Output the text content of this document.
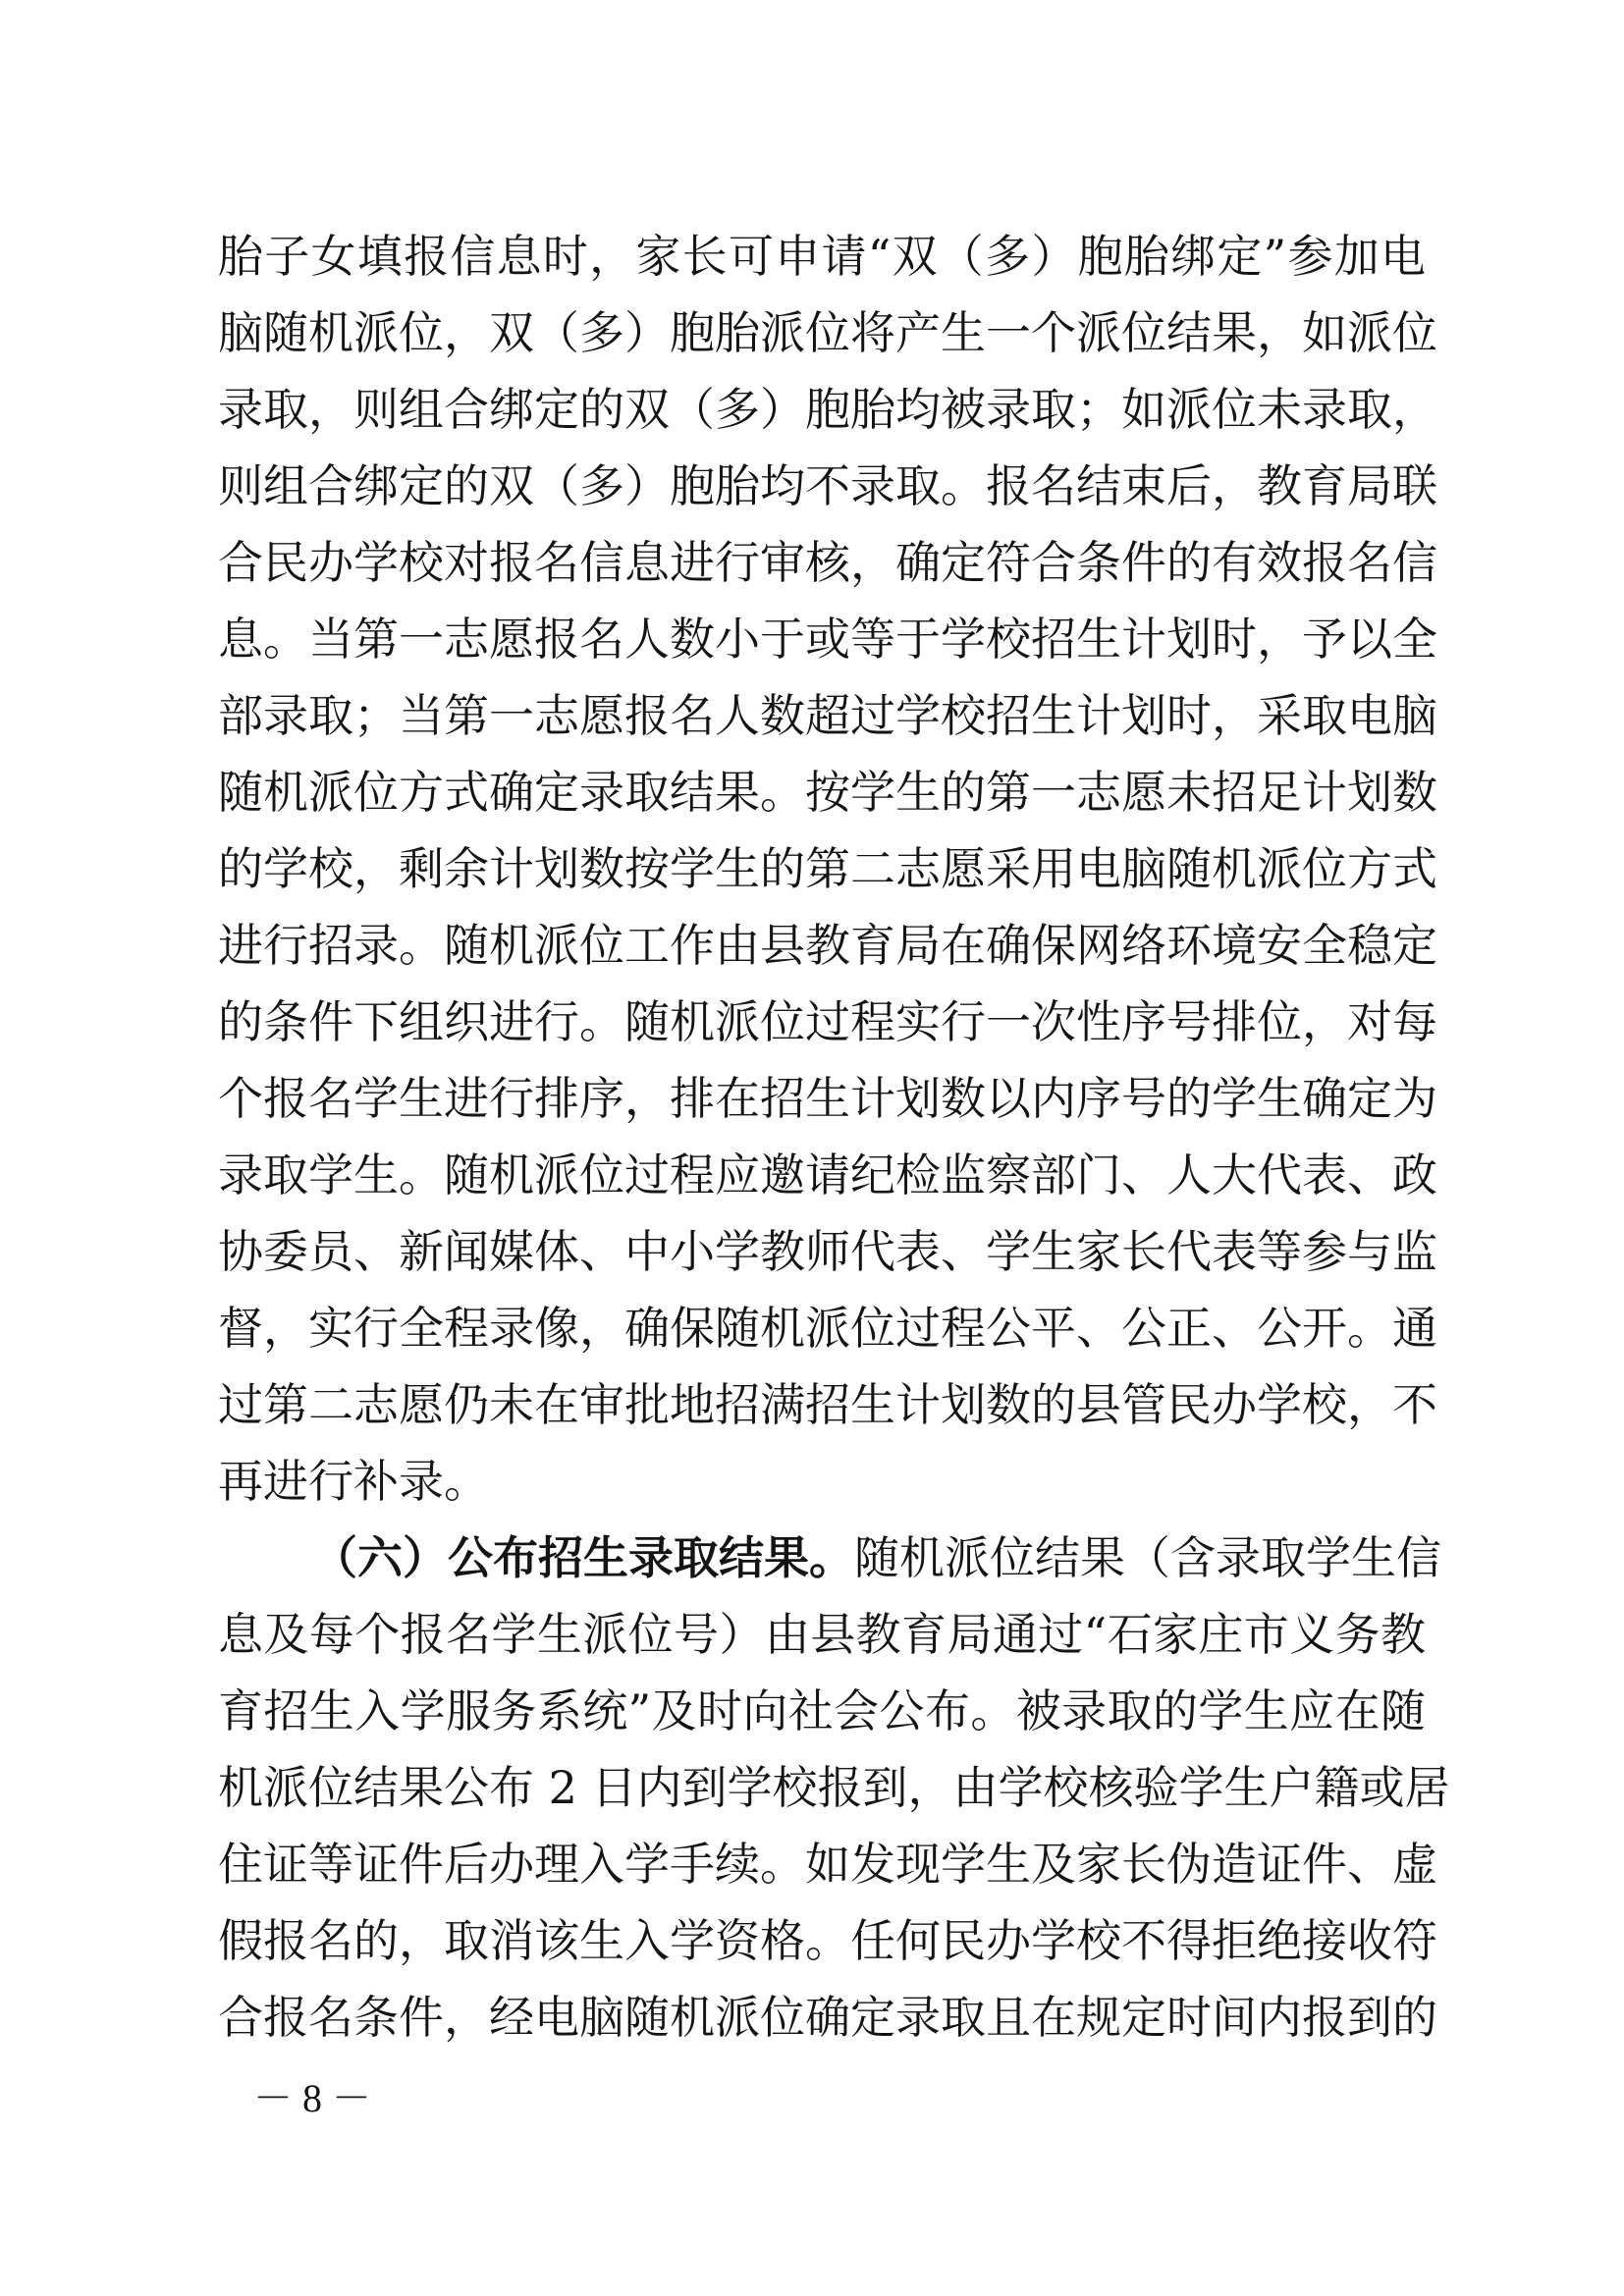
胎子女填报信息时，家长可申请“双（多）胞胎绑定”参加电
脑随机派位，双（多）胞胎派位将产生一个派位结果，如派位
录取，则组合绑定的双（多）胞胎均被录取；如派位未录取，
则组合绑定的双（多）胞胎均不录取。报名结束后，教育局联
合民办学校对报名信息进行审核，确定符合条件的有效报名信
息。当第一志愿报名人数小于或等于学校招生计划时，予以全
部录取；当第一志愿报名人数超过学校招生计划时，采取电脑
随机派位方式确定录取结果。按学生的第一志愿未招足计划数
的学校，剩余计划数按学生的第二志愿采用电脑随机派位方式
进行招录。随机派位工作由县教育局在确保网络环境安全稳定
的条件下组织进行。随机派位过程实行一次性序号排位，对每
个报名学生进行排序，排在招生计划数以内序号的学生确定为
录取学生。随机派位过程应邀请纪检监察部门、人大代表、政
协委员、新闻媒体、中小学教师代表、学生家长代表等参与监
督，实行全程录像，确保随机派位过程公平、公正、公开。通
过第二志愿仍未在审批地招满招生计划数的县管民办学校，不
再进行补录。
（六）公布招生录取结果。随机派位结果（含录取学生信
息及每个报名学生派位号）由县教育局通过“石家庄市义务教
育招生入学服务系统”及时向社会公布。被录取的学生应在随
机派位结果公布 2 日内到学校报到，由学校核验学生户籍或居
住证等证件后办理入学手续。如发现学生及家长伪造证件、虚
假报名的，取消该生入学资格。任何民办学校不得拒绝接收符
合报名条件，经电脑随机派位确定录取且在规定时间内报到的
－ 8 －
